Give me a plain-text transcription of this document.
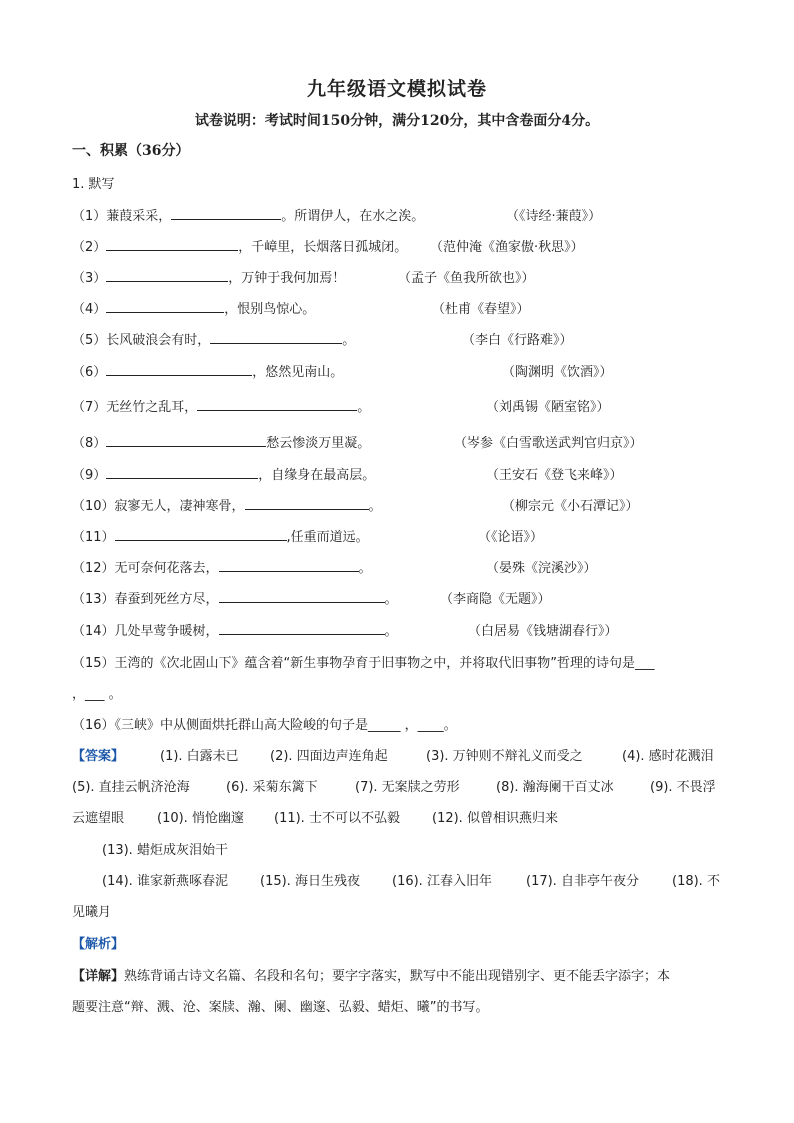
九年级语文模拟试卷
试卷说明：考试时间150分钟，满分120分，其中含卷面分4分。
一、积累（36分）
1. 默写
（1）蒹葭采采，	。所谓伊人，在水之涘。	（《诗经·蒹葭》）
（2）	，千嶂里，长烟落日孤城闭。 （范仲淹《渔家傲·秋思》）
（3）	，万钟于我何加焉！	（孟子《鱼我所欲也》）
（4）	，恨别鸟惊心。	（杜甫《春望》）
（5）长风破浪会有时，	。	（李白《行路难》）
（6）	，悠然见南山。	（陶渊明《饮酒》）
（7）无丝竹之乱耳，	。	（刘禹锡《陋室铭》）
（8）	愁云惨淡万里凝。	（岑参《白雪歌送武判官归京》）
（9）	，自缘身在最高层。	（王安石《登飞来峰》）
（10）寂寥无人，凄神寒骨，	。	（柳宗元《小石潭记》）
（11）	,任重而道远。	（《论语》）
（12）无可奈何花落去，	。	（晏殊《浣溪沙》）
（13）春蚕到死丝方尽，	。	（李商隐《无题》）
（14）几处早莺争暖树，	。	（白居易《钱塘湖春行》）
（15）王湾的《次北固山下》蕴含着“新生事物孕育于旧事物之中，并将取代旧事物”哲理的诗句是___
，___ 。
（16）《三峡》中从侧面烘托群山高大险峻的句子是_____ ，____。
【答案】	(1). 白露未已 (2). 四面边声连角起	(3). 万钟则不辩礼义而受之	(4). 感时花溅泪
(5). 直挂云帆济沧海	(6). 采菊东篱下	(7). 无案牍之劳形	(8). 瀚海阑干百丈冰	(9). 不畏浮
云遮望眼	(10). 悄怆幽邃 (11). 士不可以不弘毅 (12). 似曾相识燕归来
(13). 蜡炬成灰泪始干
(14). 谁家新燕啄春泥 (15). 海日生残夜 (16). 江春入旧年	(17). 自非亭午夜分	(18). 不
见曦月
【解析】
【详解】熟练背诵古诗文名篇、名段和名句；要字字落实，默写中不能出现错别字、更不能丢字添字；本
题要注意“辩、溅、沧、案牍、瀚、阑、幽邃、弘毅、蜡炬、曦”的书写。
